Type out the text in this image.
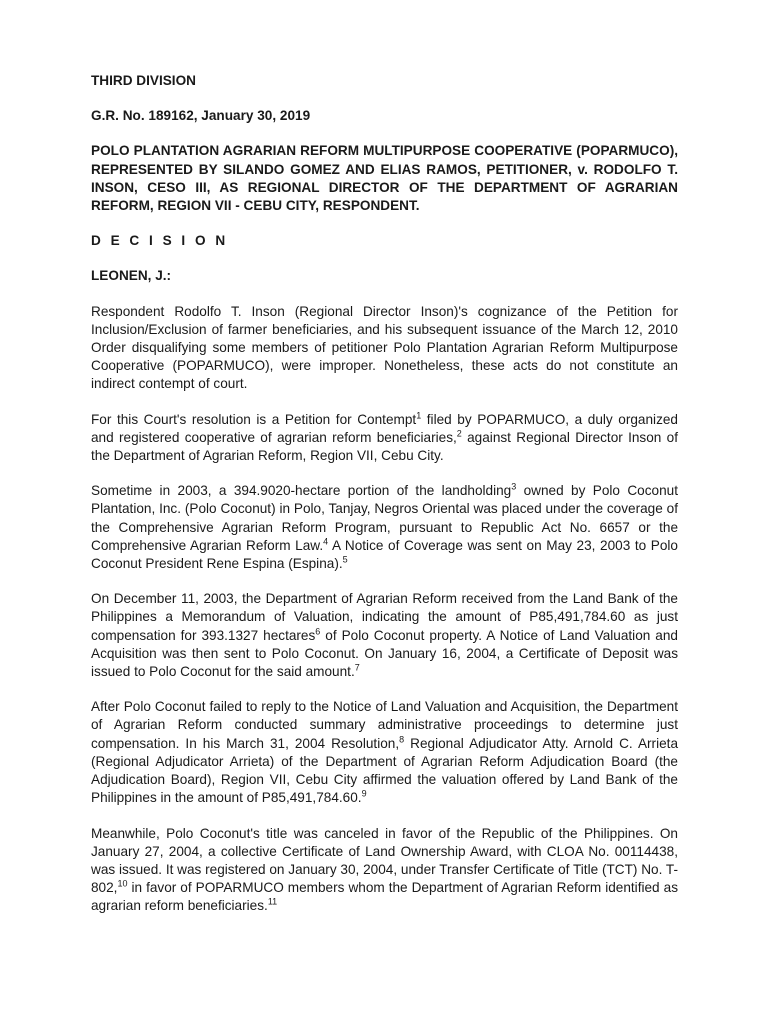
THIRD DIVISION
G.R. No. 189162, January 30, 2019
POLO PLANTATION AGRARIAN REFORM MULTIPURPOSE COOPERATIVE (POPARMUCO), REPRESENTED BY SILANDO GOMEZ AND ELIAS RAMOS, PETITIONER, v. RODOLFO T. INSON, CESO III, AS REGIONAL DIRECTOR OF THE DEPARTMENT OF AGRARIAN REFORM, REGION VII - CEBU CITY, RESPONDENT.
D E C I S I O N
LEONEN, J.:

Respondent Rodolfo T. Inson (Regional Director Inson)'s cognizance of the Petition for Inclusion/Exclusion of farmer beneficiaries, and his subsequent issuance of the March 12, 2010 Order disqualifying some members of petitioner Polo Plantation Agrarian Reform Multipurpose Cooperative (POPARMUCO), were improper. Nonetheless, these acts do not constitute an indirect contempt of court.

For this Court's resolution is a Petition for Contempt$^1$ filed by POPARMUCO, a duly organized and registered cooperative of agrarian reform beneficiaries,$^2$ against Regional Director Inson of the Department of Agrarian Reform, Region VII, Cebu City.

Sometime in 2003, a 394.9020-hectare portion of the landholding$^3$ owned by Polo Coconut Plantation, Inc. (Polo Coconut) in Polo, Tanjay, Negros Oriental was placed under the coverage of the Comprehensive Agrarian Reform Program, pursuant to Republic Act No. 6657 or the Comprehensive Agrarian Reform Law.$^4$ A Notice of Coverage was sent on May 23, 2003 to Polo Coconut President Rene Espina (Espina).$^5$

On December 11, 2003, the Department of Agrarian Reform received from the Land Bank of the Philippines a Memorandum of Valuation, indicating the amount of P85,491,784.60 as just compensation for 393.1327 hectares$^6$ of Polo Coconut property. A Notice of Land Valuation and Acquisition was then sent to Polo Coconut. On January 16, 2004, a Certificate of Deposit was issued to Polo Coconut for the said amount.$^7$

After Polo Coconut failed to reply to the Notice of Land Valuation and Acquisition, the Department of Agrarian Reform conducted summary administrative proceedings to determine just compensation. In his March 31, 2004 Resolution,$^8$ Regional Adjudicator Atty. Arnold C. Arrieta (Regional Adjudicator Arrieta) of the Department of Agrarian Reform Adjudication Board (the Adjudication Board), Region VII, Cebu City affirmed the valuation offered by Land Bank of the Philippines in the amount of P85,491,784.60.$^9$

Meanwhile, Polo Coconut's title was canceled in favor of the Republic of the Philippines. On January 27, 2004, a collective Certificate of Land Ownership Award, with CLOA No. 00114438, was issued. It was registered on January 30, 2004, under Transfer Certificate of Title (TCT) No. T-802,10 in favor of POPARMUCO members whom the Department of Agrarian Reform identified as agrarian reform beneficiaries.$^{11}$
